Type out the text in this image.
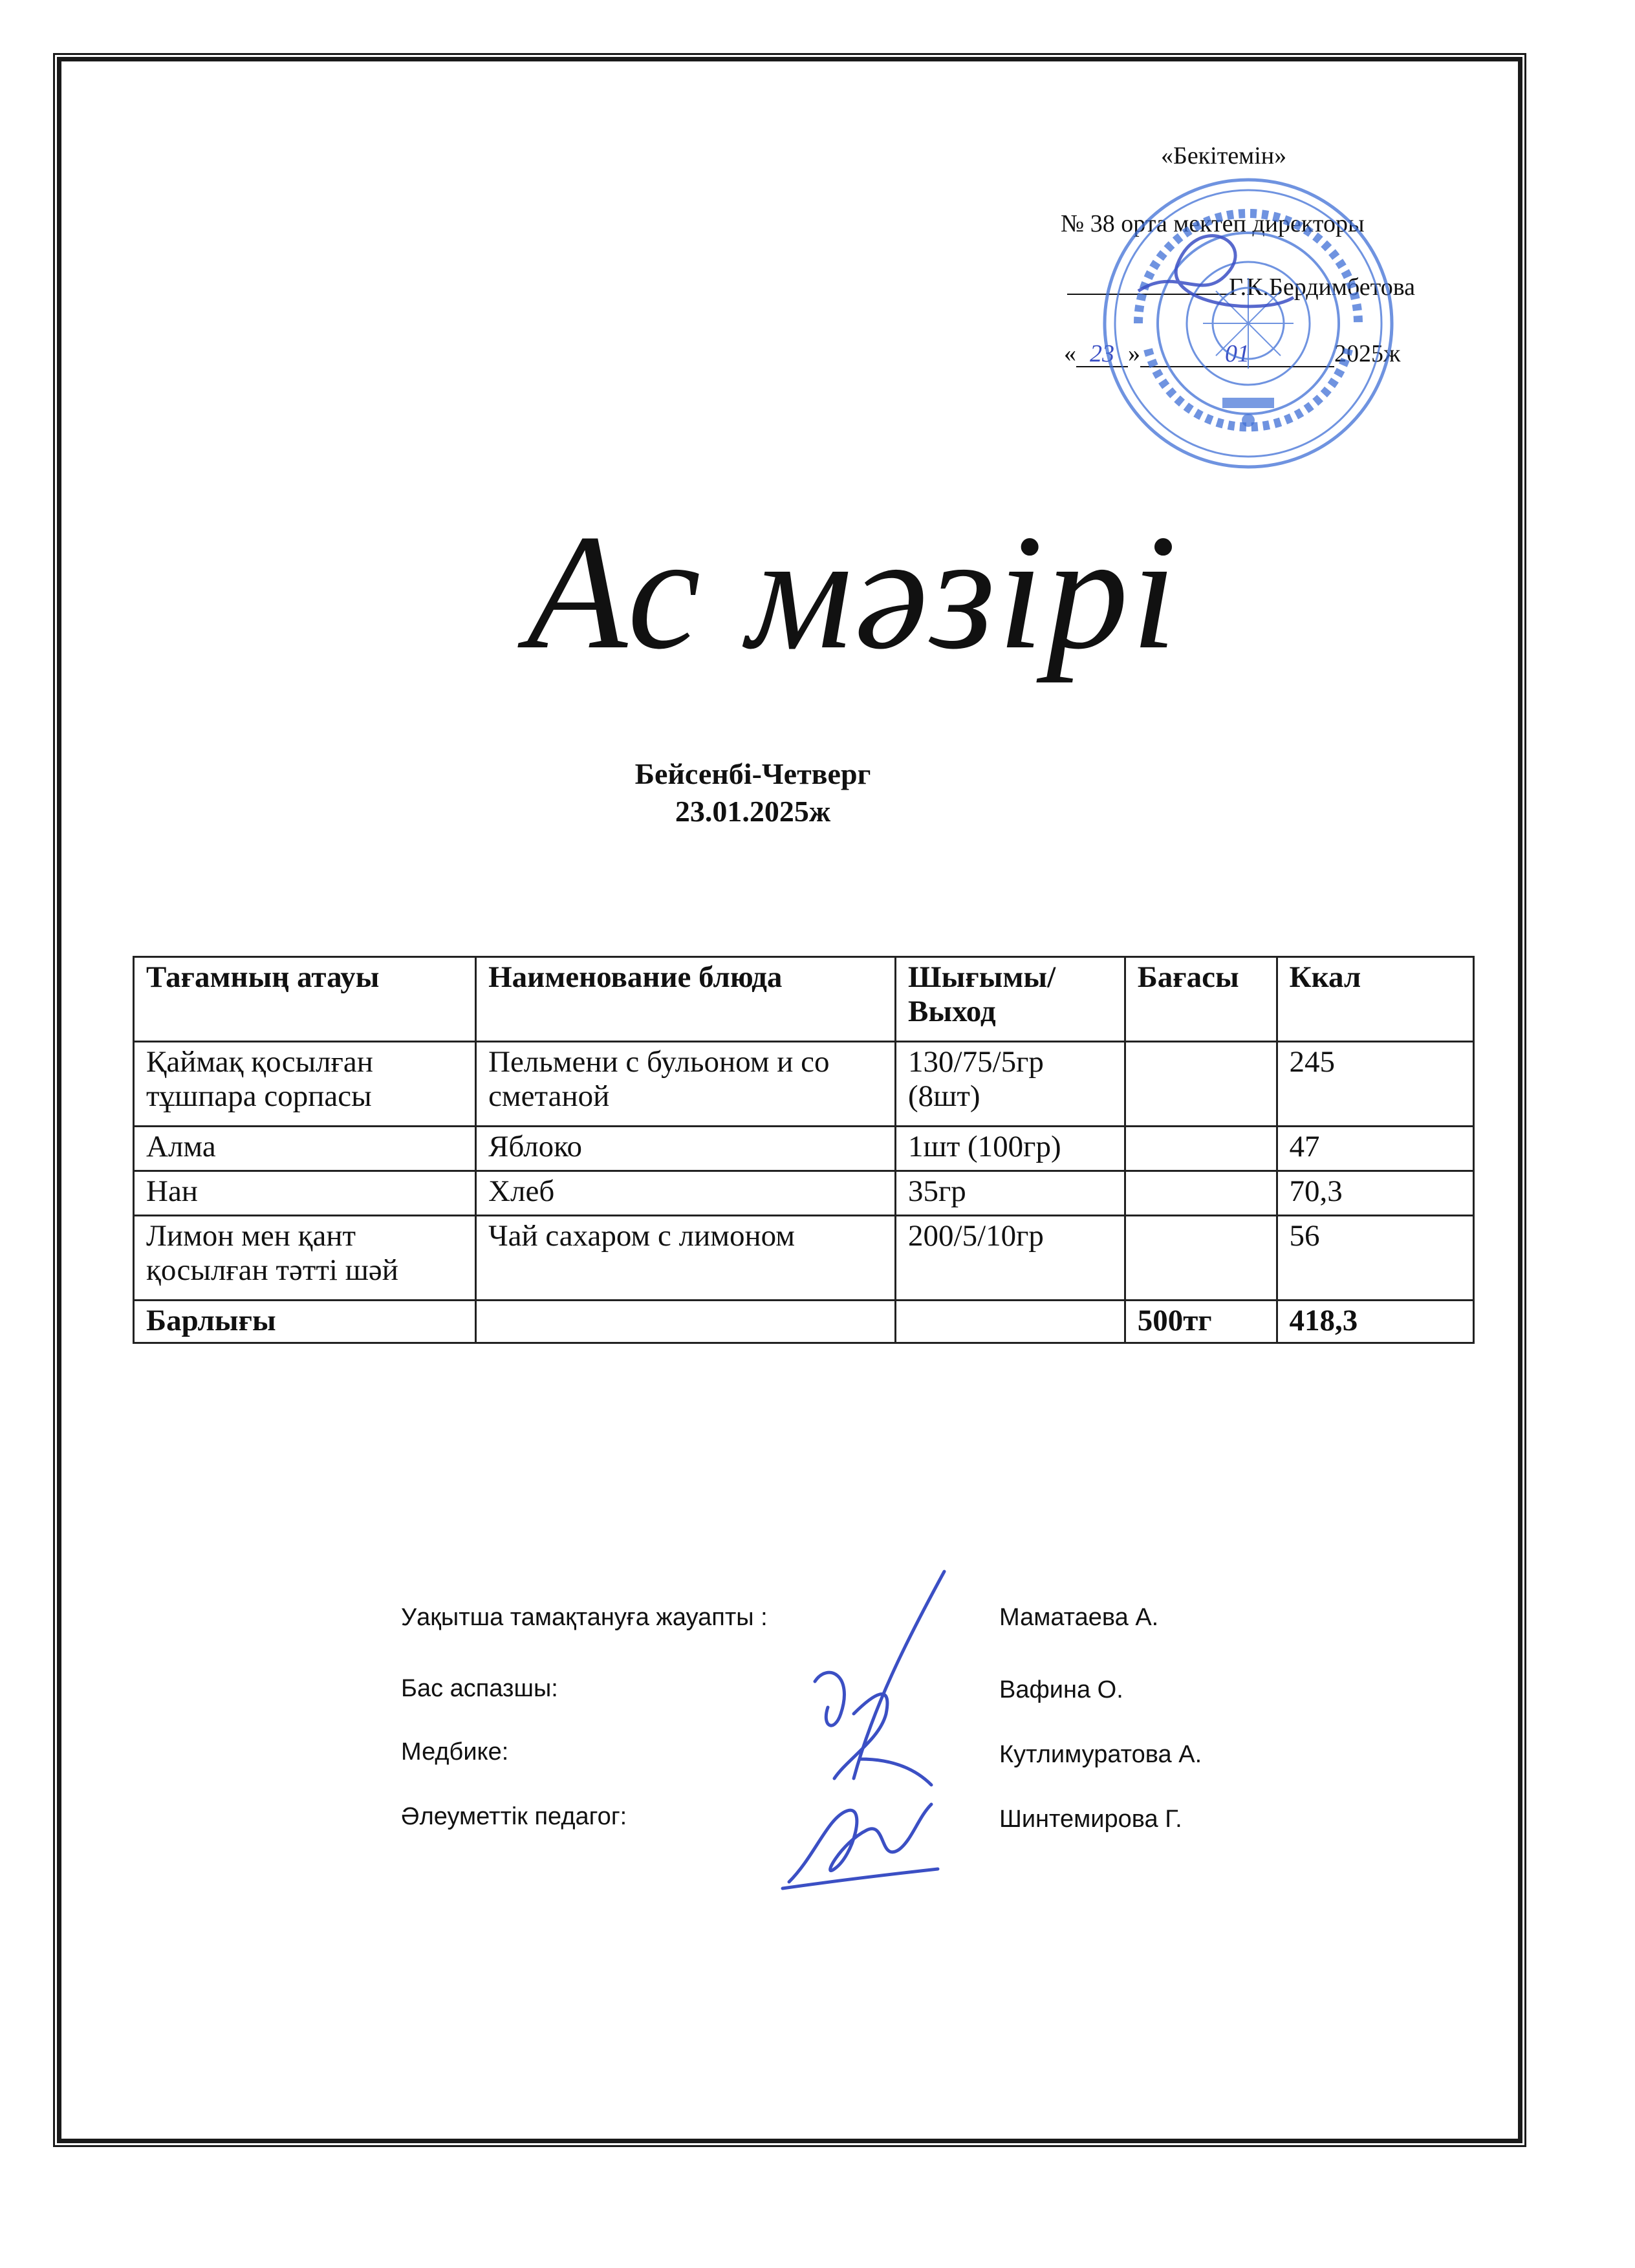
«Бекітемін»
№ 38 орта мектеп директоры
Г.К.Бердимбетова
« 23 »	01	2025ж
Ас мәзірі
Бейсенбі-Четверг
23.01.2025ж
Тағамның атауы	Наименование блюда	Шығымы/ Выход	Бағасы	Ккал
Қаймақ қосылған тұшпара сорпасы	Пельмени с бульоном и со сметаной	130/75/5гр (8шт)		245
Алма	Яблоко	1шт (100гр)		47
Нан	Хлеб	35гр		70,3
Лимон мен қант қосылған тәтті шәй	Чай сахаром с лимоном	200/5/10гр		56
Барлығы			500тг	418,3
Уақытша тамақтануға жауапты :	Маматаева А.
Бас аспазшы:	Вафина О.
Медбике:	Кутлимуратова А.
Әлеуметтік педагог:	Шинтемирова Г.
